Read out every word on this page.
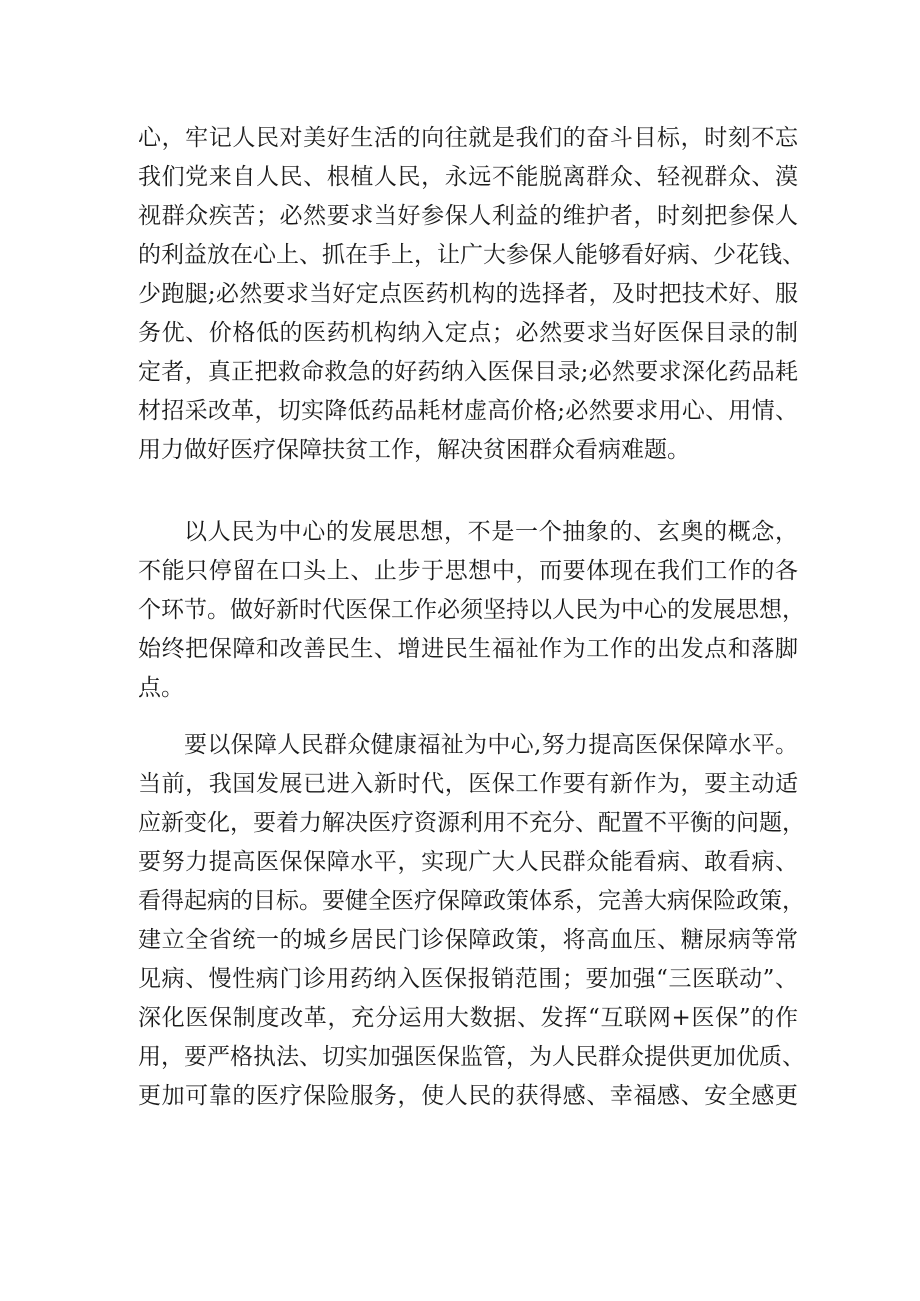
心，牢记人民对美好生活的向往就是我们的奋斗目标，时刻不忘
我们党来自人民、根植人民，永远不能脱离群众、轻视群众、漠
视群众疾苦；必然要求当好参保人利益的维护者，时刻把参保人
的利益放在心上、抓在手上，让广大参保人能够看好病、少花钱、
少跑腿;必然要求当好定点医药机构的选择者，及时把技术好、服
务优、价格低的医药机构纳入定点；必然要求当好医保目录的制
定者，真正把救命救急的好药纳入医保目录;必然要求深化药品耗
材招采改革，切实降低药品耗材虚高价格;必然要求用心、用情、
用力做好医疗保障扶贫工作，解决贫困群众看病难题。
以人民为中心的发展思想，不是一个抽象的、玄奥的概念，
不能只停留在口头上、止步于思想中，而要体现在我们工作的各
个环节。做好新时代医保工作必须坚持以人民为中心的发展思想，
始终把保障和改善民生、增进民生福祉作为工作的出发点和落脚
点。
要以保障人民群众健康福祉为中心,努力提高医保保障水平。
当前，我国发展已进入新时代，医保工作要有新作为，要主动适
应新变化，要着力解决医疗资源利用不充分、配置不平衡的问题，
要努力提高医保保障水平，实现广大人民群众能看病、敢看病、
看得起病的目标。要健全医疗保障政策体系，完善大病保险政策，
建立全省统一的城乡居民门诊保障政策，将高血压、糖尿病等常
见病、慢性病门诊用药纳入医保报销范围；要加强“三医联动”、
深化医保制度改革，充分运用大数据、发挥“互联网+医保”的作
用，要严格执法、切实加强医保监管，为人民群众提供更加优质、
更加可靠的医疗保险服务，使人民的获得感、幸福感、安全感更
